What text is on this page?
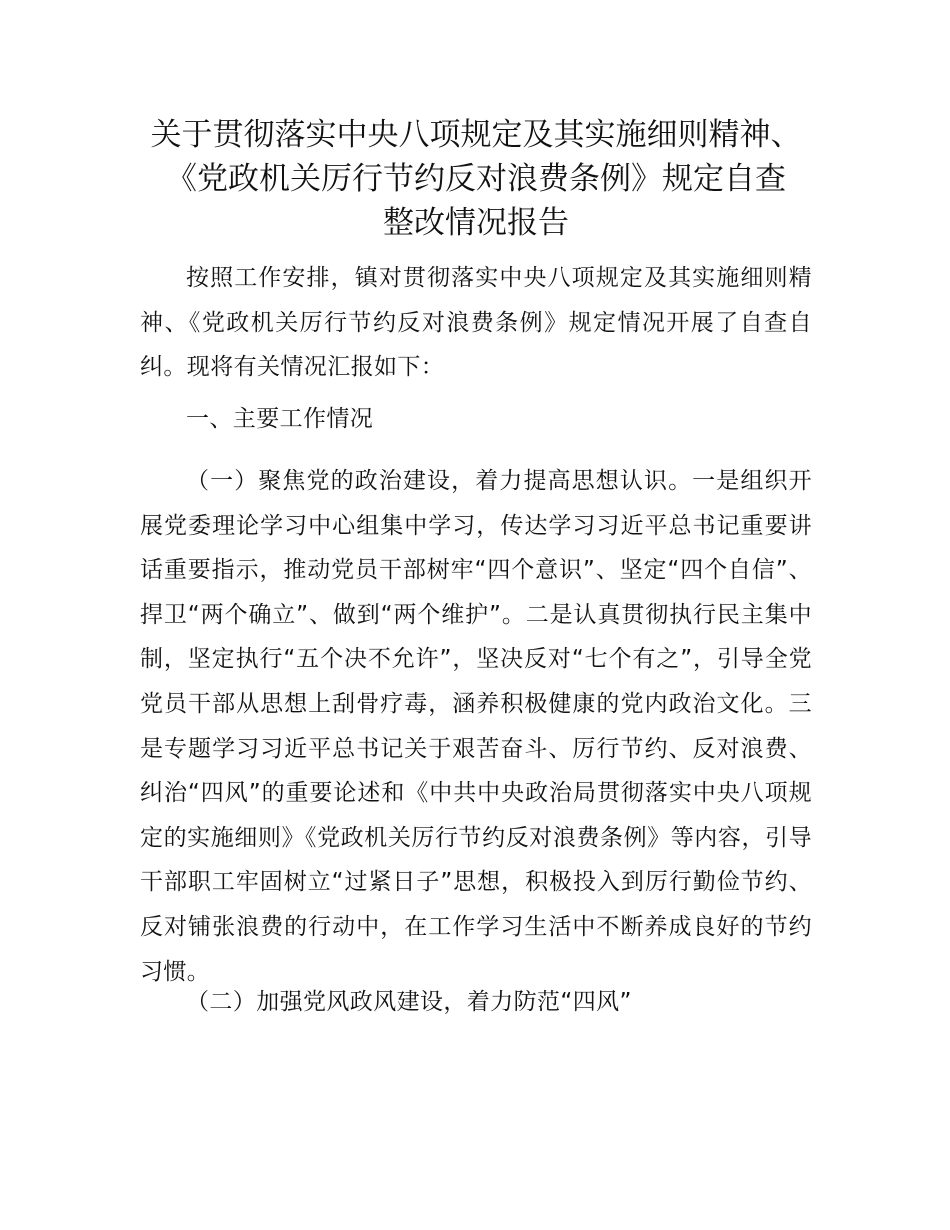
关于贯彻落实中央八项规定及其实施细则精神、
《党政机关厉行节约反对浪费条例》规定自查
整改情况报告

按照工作安排，镇对贯彻落实中央八项规定及其实施细则精神、《党政机关厉行节约反对浪费条例》规定情况开展了自查自纠。现将有关情况汇报如下：

一、主要工作情况

（一）聚焦党的政治建设，着力提高思想认识。一是组织开展党委理论学习中心组集中学习，传达学习习近平总书记重要讲话重要指示，推动党员干部树牢“四个意识”、坚定“四个自信”、捍卫“两个确立”、做到“两个维护”。二是认真贯彻执行民主集中制，坚定执行“五个决不允许”，坚决反对“七个有之”，引导全党党员干部从思想上刮骨疗毒，涵养积极健康的党内政治文化。三是专题学习习近平总书记关于艰苦奋斗、厉行节约、反对浪费、纠治“四风”的重要论述和《中共中央政治局贯彻落实中央八项规定的实施细则》《党政机关厉行节约反对浪费条例》等内容，引导干部职工牢固树立“过紧日子”思想，积极投入到厉行勤俭节约、反对铺张浪费的行动中，在工作学习生活中不断养成良好的节约习惯。

（二）加强党风政风建设，着力防范“四风”
